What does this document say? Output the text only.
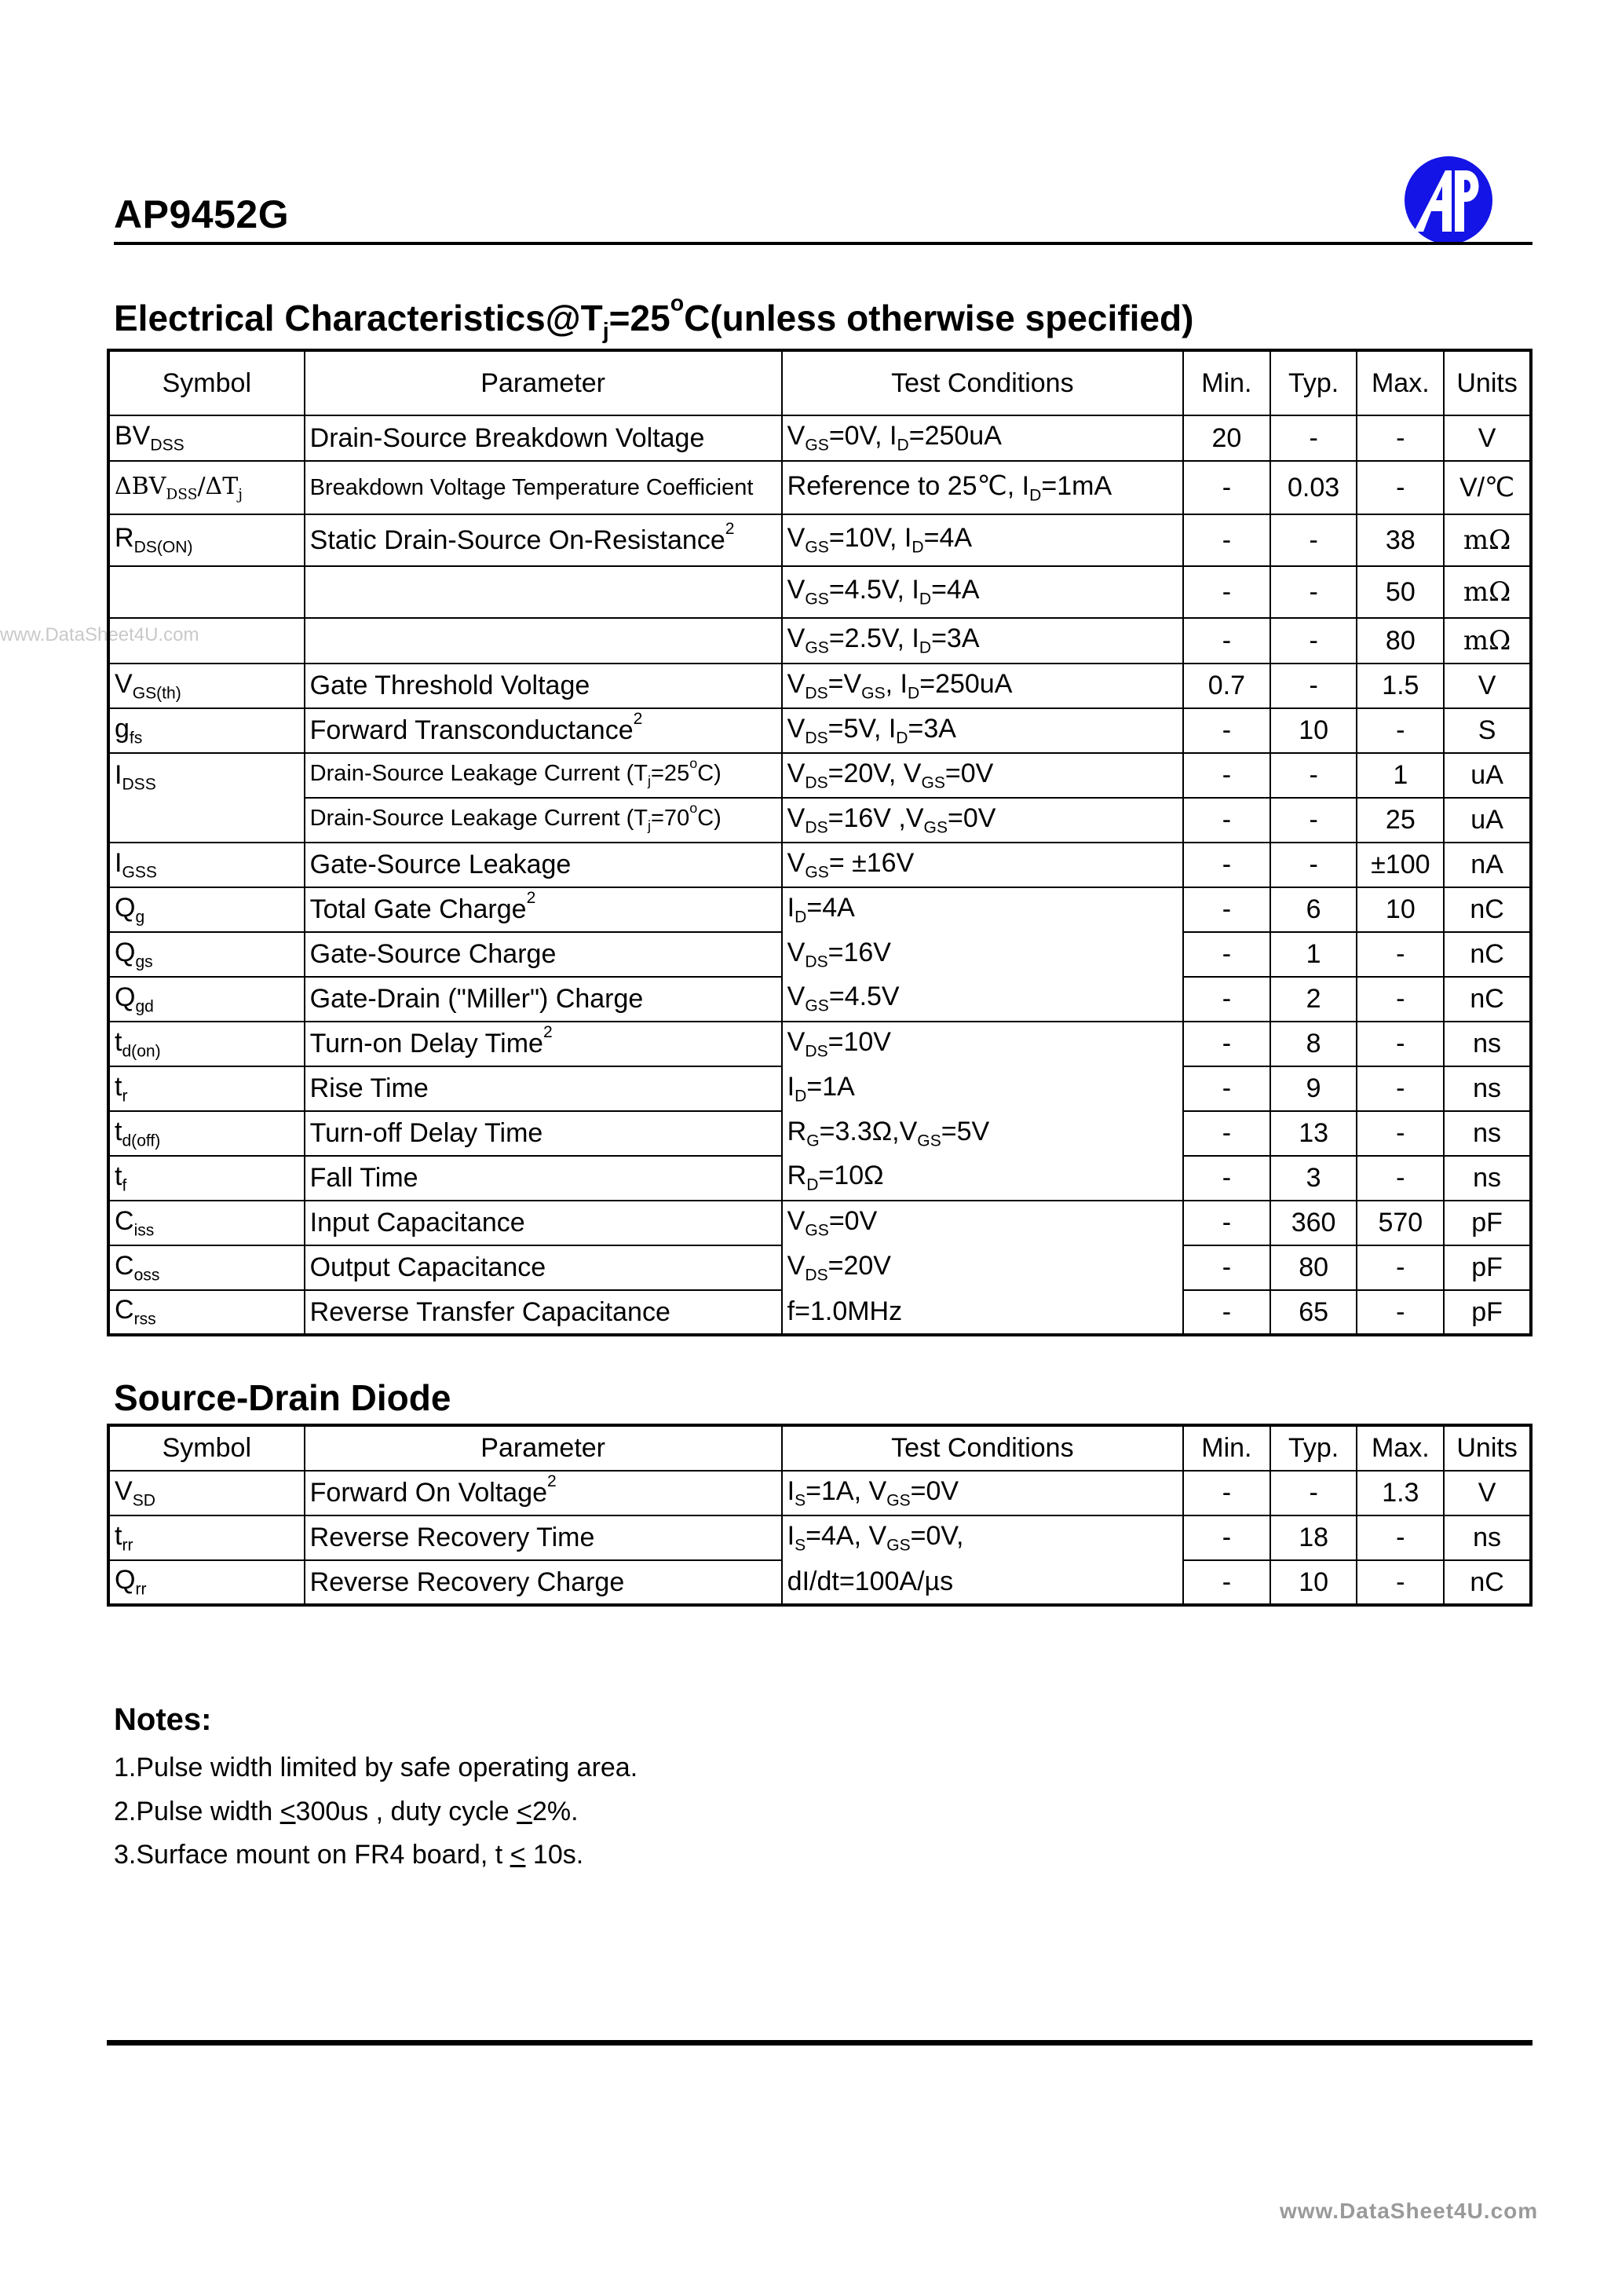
AP9452G
www.DataSheet4U.com
Electrical $Characteristics@T_j=25^oC(unless$ otherwise specified)
Symbol	Parameter	Test Conditions	Min.	Typ.	Max.	Units
$BV_{DSS}$	Drain-Source Breakdown Voltage	$V_{GS}=0V$, $I_D=250uA$	20	-	-	V
$\Delta BV_{DSS}/\Delta T_j$	Breakdown Voltage Temperature Coefficient	Reference to 25℃, $I_D=1mA$	-	0.03	-	V/℃
$R_{DS(ON)}$	Static Drain-Source On-Resistance$^2$	$V_{GS}=10V$, $I_D=4A$	-	-	38	mΩ
		$V_{GS}=4.5V$, $I_D=4A$	-	-	50	mΩ
		$V_{GS}=2.5V$, $I_D=3A$	-	-	80	mΩ
$V_{GS(th)}$	Gate Threshold Voltage	$V_{DS}=V_{GS}$, $I_D=250uA$	0.7	-	1.5	V
$g_{fs}$	Forward Transconductance$^2$	$V_{DS}=5V$, $I_D=3A$	-	10	-	S
$I_{DSS}$	Drain-Source Leakage Current $(T_j=25^oC)$	$V_{DS}=20V$, $V_{GS}=0V$	-	-	1	uA
	Drain-Source Leakage Current $(T_j=70^oC)$	$V_{DS}=16V$ $,V_{GS}=0V$	-	-	25	uA
$I_{GSS}$	Gate-Source Leakage	$V_{GS}= \pm 16V$	-	-	±100	nA
$Q_g$	Total Gate Charge$^2$	$I_D=4A$	-	6	10	nC
$Q_{gs}$	Gate-Source Charge	$V_{DS}=16V$	-	1	-	nC
$Q_{gd}$	Gate-Drain ("Miller") Charge	$V_{GS}=4.5V$	-	2	-	nC
$t_{d(on)}$	Turn-on Delay Time$^2$	$V_{DS}=10V$	-	8	-	ns
$t_r$	Rise Time	$I_D=1A$	-	9	-	ns
$t_{d(off)}$	Turn-off Delay Time	$R_G=3.3\Omega,V_{GS}=5V$	-	13	-	ns
$t_f$	Fall Time	$R_D=10\Omega$	-	3	-	ns
$C_{iss}$	Input Capacitance	$V_{GS}=0V$	-	360	570	pF
$C_{oss}$	Output Capacitance	$V_{DS}=20V$	-	80	-	pF
$C_{rss}$	Reverse Transfer Capacitance	f=1.0MHz	-	65	-	pF
Source-Drain Diode
Symbol	Parameter	Test Conditions	Min.	Typ.	Max.	Units
$V_{SD}$	Forward On Voltage$^2$	$I_S=1A$, $V_{GS}=0V$	-	-	1.3	V
$t_{rr}$	Reverse Recovery Time	$I_S=4A$, $V_{GS}=0V$,	-	18	-	ns
$Q_{rr}$	Reverse Recovery Charge	dI/dt=100A/µs	-	10	-	nC
Notes:
1.Pulse width limited by safe operating area.
2.Pulse width <300us , duty cycle <2%.
3.Surface mount on FR4 board, t < 10s.
www.DataSheet4U.com
